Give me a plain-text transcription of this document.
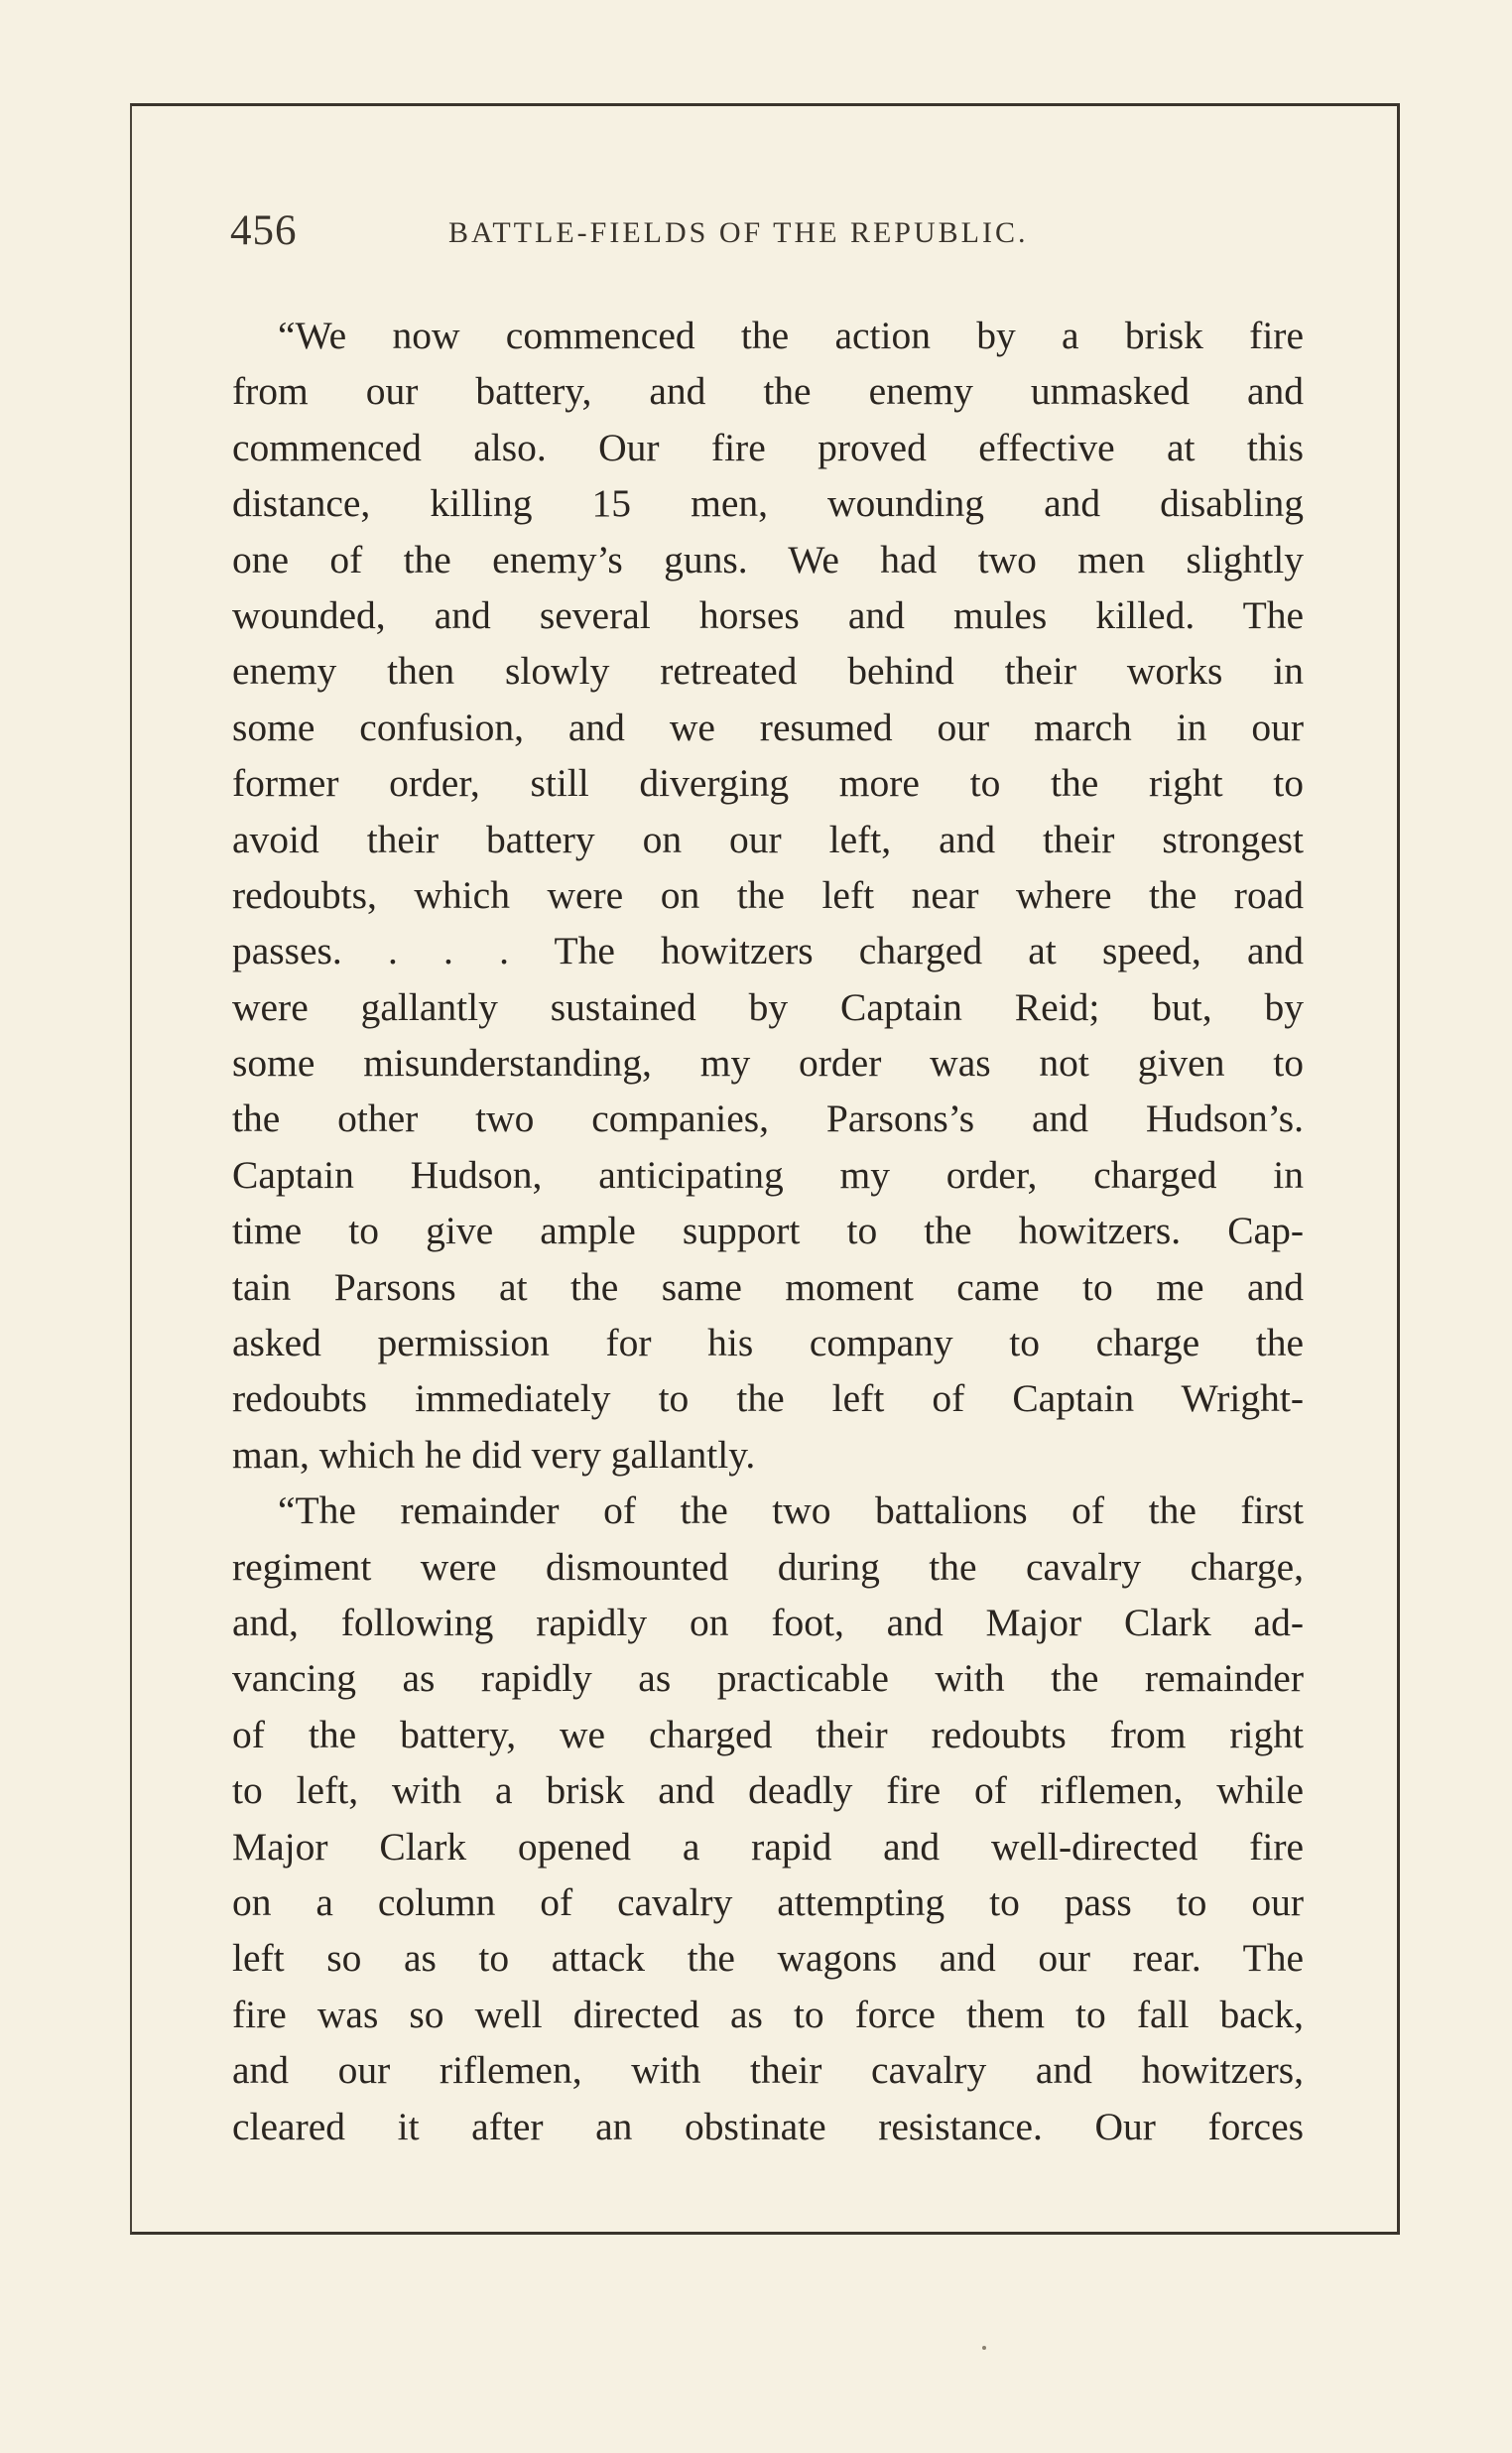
456	BATTLE-FIELDS OF THE REPUBLIC.
“We now commenced the action by a brisk fire
from our battery, and the enemy unmasked and
commenced also. Our fire proved effective at this
distance, killing 15 men, wounding and disabling
one of the enemy’s guns. We had two men slightly
wounded, and several horses and mules killed. The
enemy then slowly retreated behind their works in
some confusion, and we resumed our march in our
former order, still diverging more to the right to
avoid their battery on our left, and their strongest
redoubts, which were on the left near where the road
passes. . . . The howitzers charged at speed, and
were gallantly sustained by Captain Reid; but, by
some misunderstanding, my order was not given to
the other two companies, Parsons’s and Hudson’s.
Captain Hudson, anticipating my order, charged in
time to give ample support to the howitzers. Cap-
tain Parsons at the same moment came to me and
asked permission for his company to charge the
redoubts immediately to the left of Captain Wright-
man, which he did very gallantly.
“The remainder of the two battalions of the first
regiment were dismounted during the cavalry charge,
and, following rapidly on foot, and Major Clark ad-
vancing as rapidly as practicable with the remainder
of the battery, we charged their redoubts from right
to left, with a brisk and deadly fire of riflemen, while
Major Clark opened a rapid and well-directed fire
on a column of cavalry attempting to pass to our
left so as to attack the wagons and our rear. The
fire was so well directed as to force them to fall back,
and our riflemen, with their cavalry and howitzers,
cleared it after an obstinate resistance. Our forces
